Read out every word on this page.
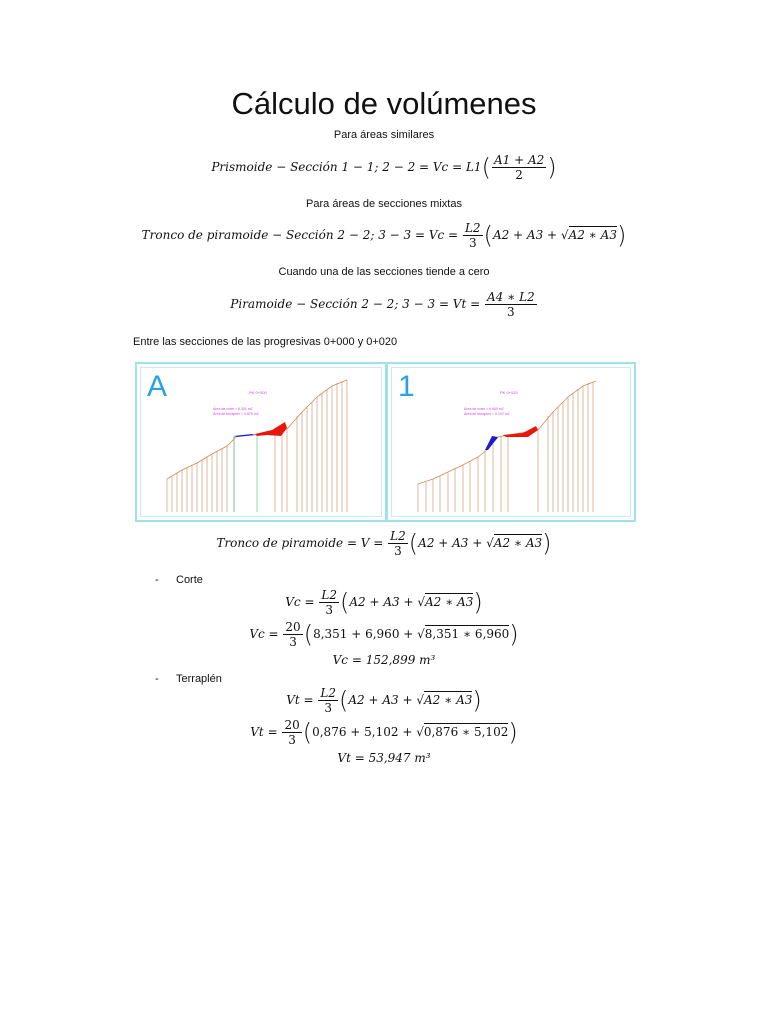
Cálculo de volúmenes
Para áreas similares
Prismoide − Sección 1 − 1; $2 - 2 = Vc = L1( \frac{A1 + A2}{2}$ )
Para áreas de secciones mixtas
Tronco de piramoide − Sección 2 − 2; $3 - 3 = Vc = \frac{L2}{3} (A2 + A3 + √A2$ ∗ A3)
Cuando una de las secciones tiende a cero
Piramoide − Sección 2 − 2; $3 - 3 = Vt = \frac{A4 ∗ L2}{3}$
Entre las secciones de las progresivas 0+000 y 0+020
A	PK 0+000
Área de corte = 8.351 m2
Área de terraplén = 0.876 m2
1	PK 0+020
Área de corte = 6.960 m2
Área de terraplén = 5.102 m2
Tronco de piramoide = $V = \frac{L2}{3} (A2 + A3 + √A2$ ∗ A3)
- Corte
$Vc = \frac{L2}{3} (A2 + A3 + √A2$ ∗ A3)
$Vc = \frac{20}{3} (8,351 + 6,960 + √8,351$ ∗ 6,960)
Vc = 152,899 m³
- Terraplén
$Vt = \frac{L2}{3} (A2 + A3 + √A2$ ∗ A3)
$Vt = \frac{20}{3} (0,876 + 5,102 + √0,876$ ∗ 5,102)
Vt = 53,947 m³
